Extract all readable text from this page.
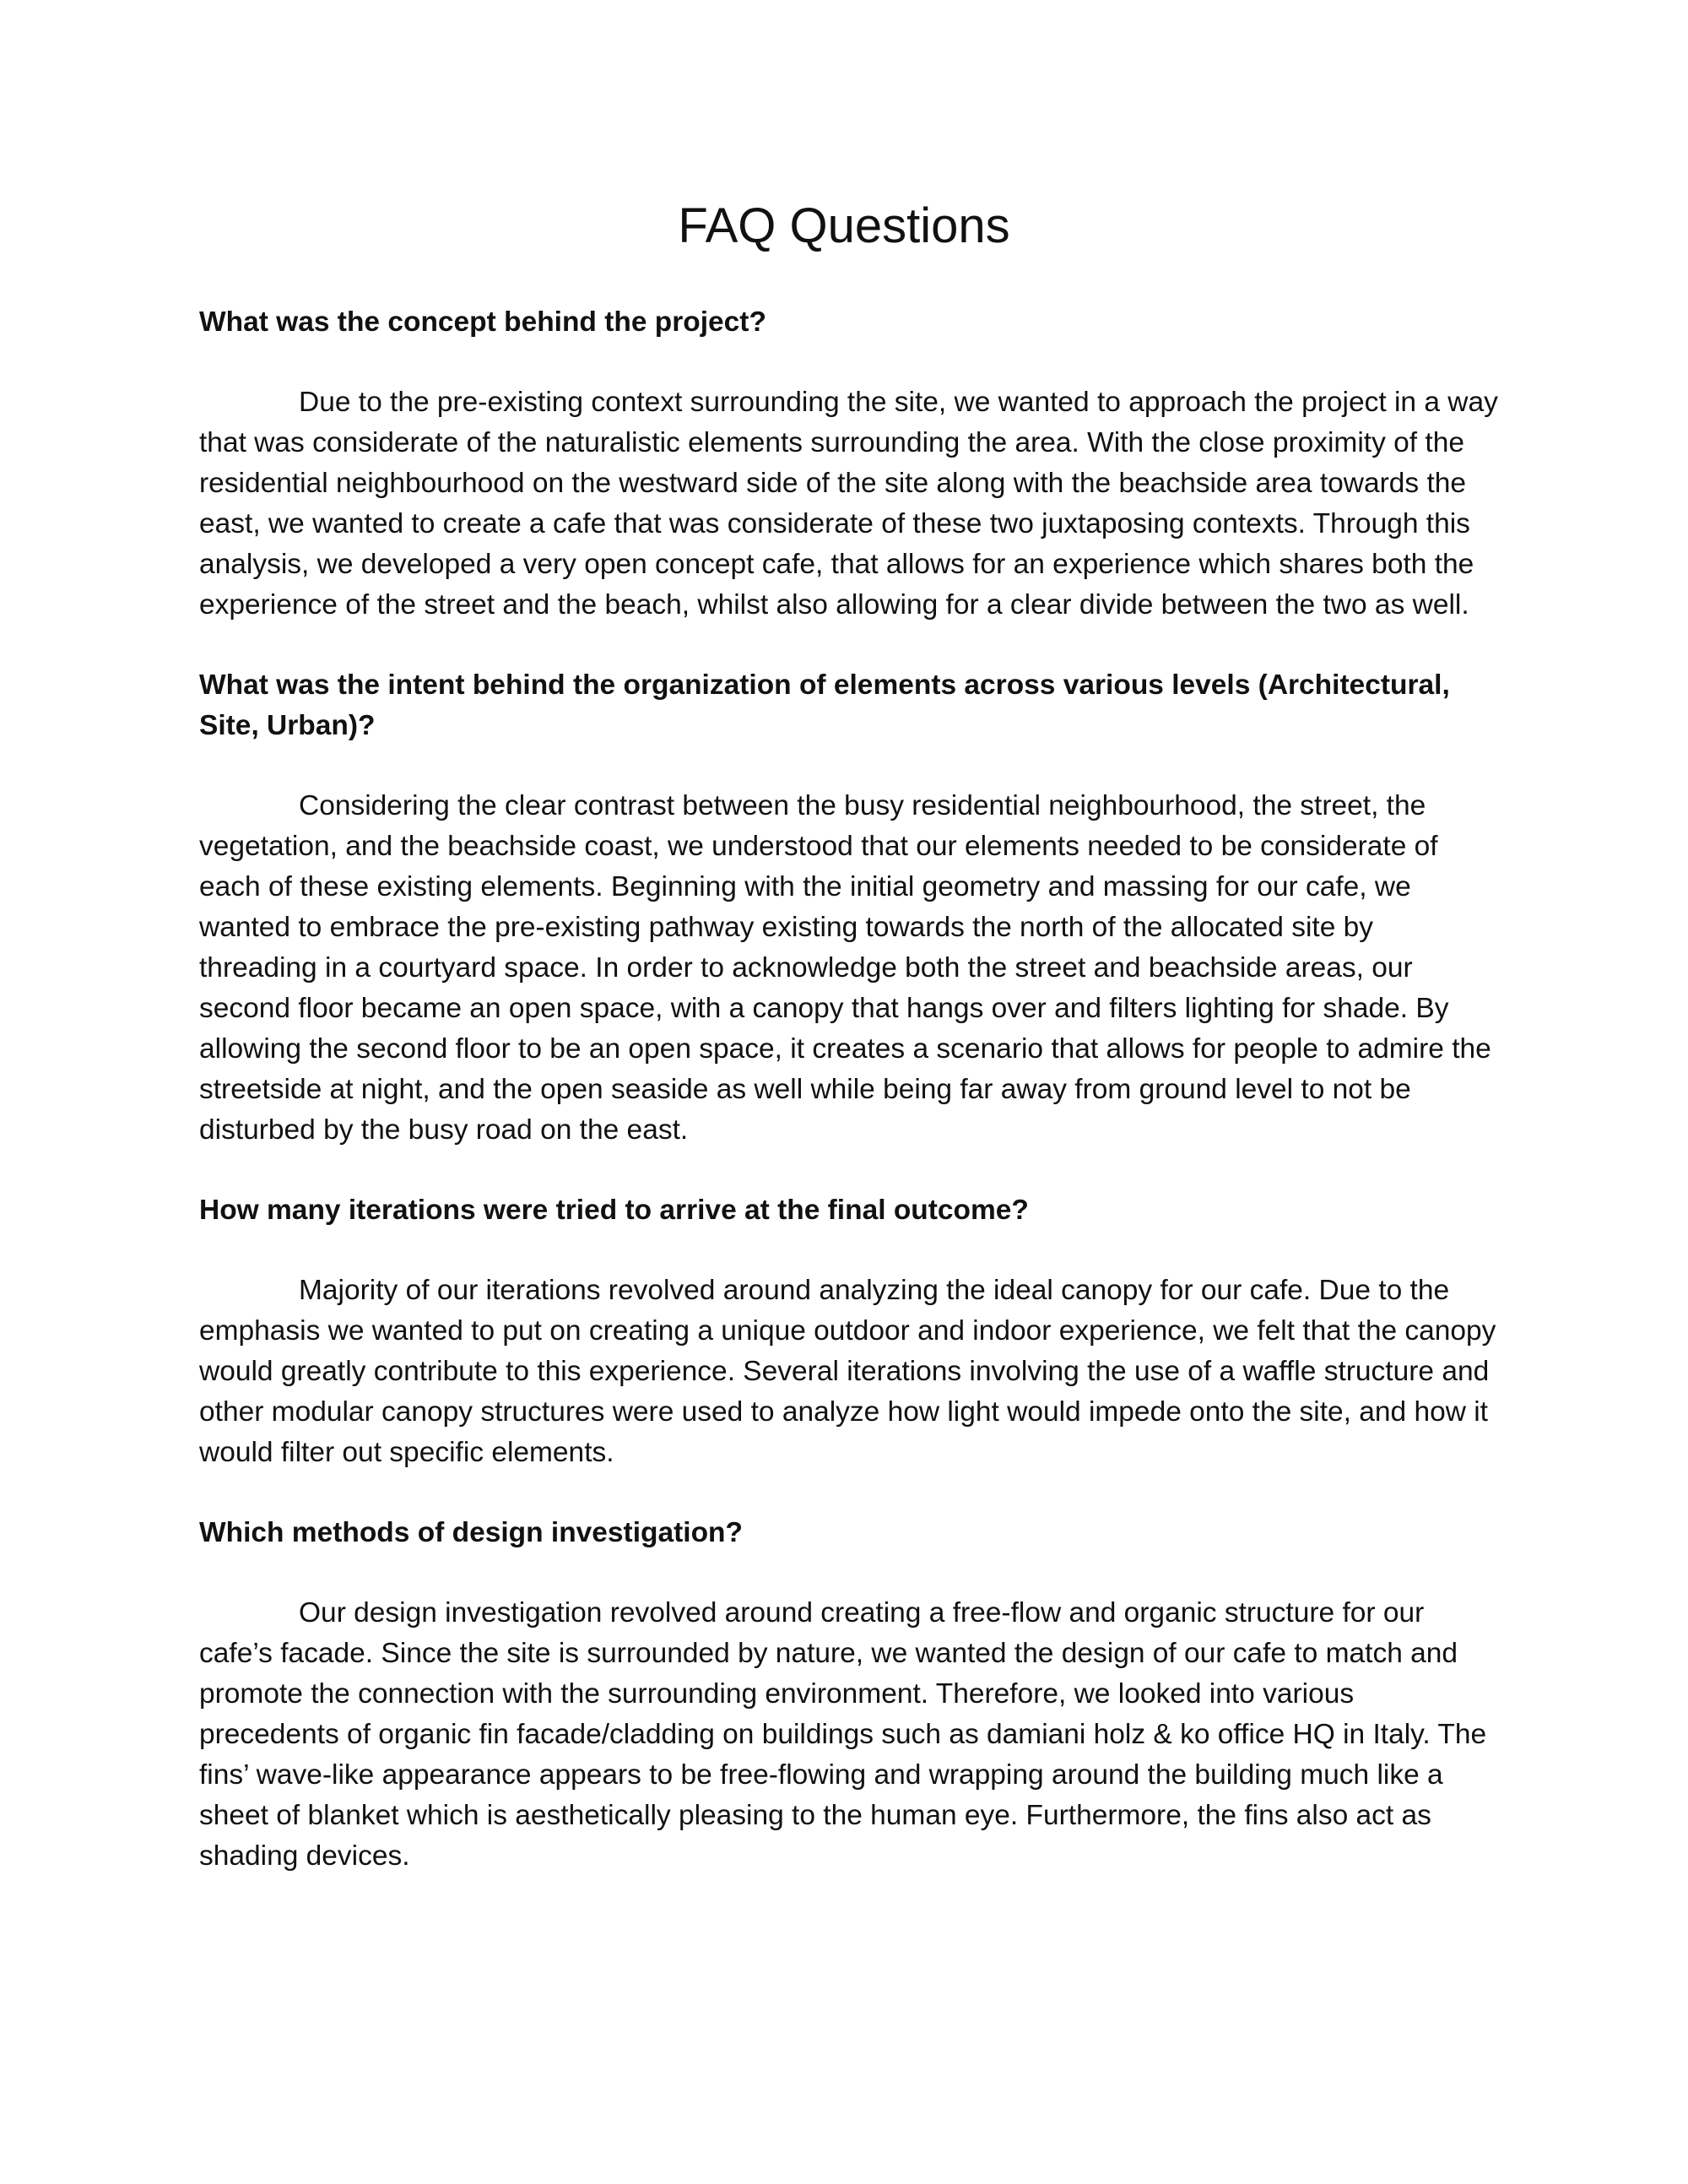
FAQ Questions

What was the concept behind the project?

Due to the pre-existing context surrounding the site, we wanted to approach the project in a way that was considerate of the naturalistic elements surrounding the area. With the close proximity of the residential neighbourhood on the westward side of the site along with the beachside area towards the east, we wanted to create a cafe that was considerate of these two juxtaposing contexts. Through this analysis, we developed a very open concept cafe, that allows for an experience which shares both the experience of the street and the beach, whilst also allowing for a clear divide between the two as well.

What was the intent behind the organization of elements across various levels (Architectural, Site, Urban)?

Considering the clear contrast between the busy residential neighbourhood, the street, the vegetation, and the beachside coast, we understood that our elements needed to be considerate of each of these existing elements. Beginning with the initial geometry and massing for our cafe, we wanted to embrace the pre-existing pathway existing towards the north of the allocated site by threading in a courtyard space. In order to acknowledge both the street and beachside areas, our second floor became an open space, with a canopy that hangs over and filters lighting for shade. By allowing the second floor to be an open space, it creates a scenario that allows for people to admire the streetside at night, and the open seaside as well while being far away from ground level to not be disturbed by the busy road on the east.

How many iterations were tried to arrive at the final outcome?

Majority of our iterations revolved around analyzing the ideal canopy for our cafe. Due to the emphasis we wanted to put on creating a unique outdoor and indoor experience, we felt that the canopy would greatly contribute to this experience. Several iterations involving the use of a waffle structure and other modular canopy structures were used to analyze how light would impede onto the site, and how it would filter out specific elements.

Which methods of design investigation?

Our design investigation revolved around creating a free-flow and organic structure for our cafe’s facade. Since the site is surrounded by nature, we wanted the design of our cafe to match and promote the connection with the surrounding environment. Therefore, we looked into various precedents of organic fin facade/cladding on buildings such as damiani holz & ko office HQ in Italy. The fins’ wave-like appearance appears to be free-flowing and wrapping around the building much like a sheet of blanket which is aesthetically pleasing to the human eye. Furthermore, the fins also act as shading devices.
